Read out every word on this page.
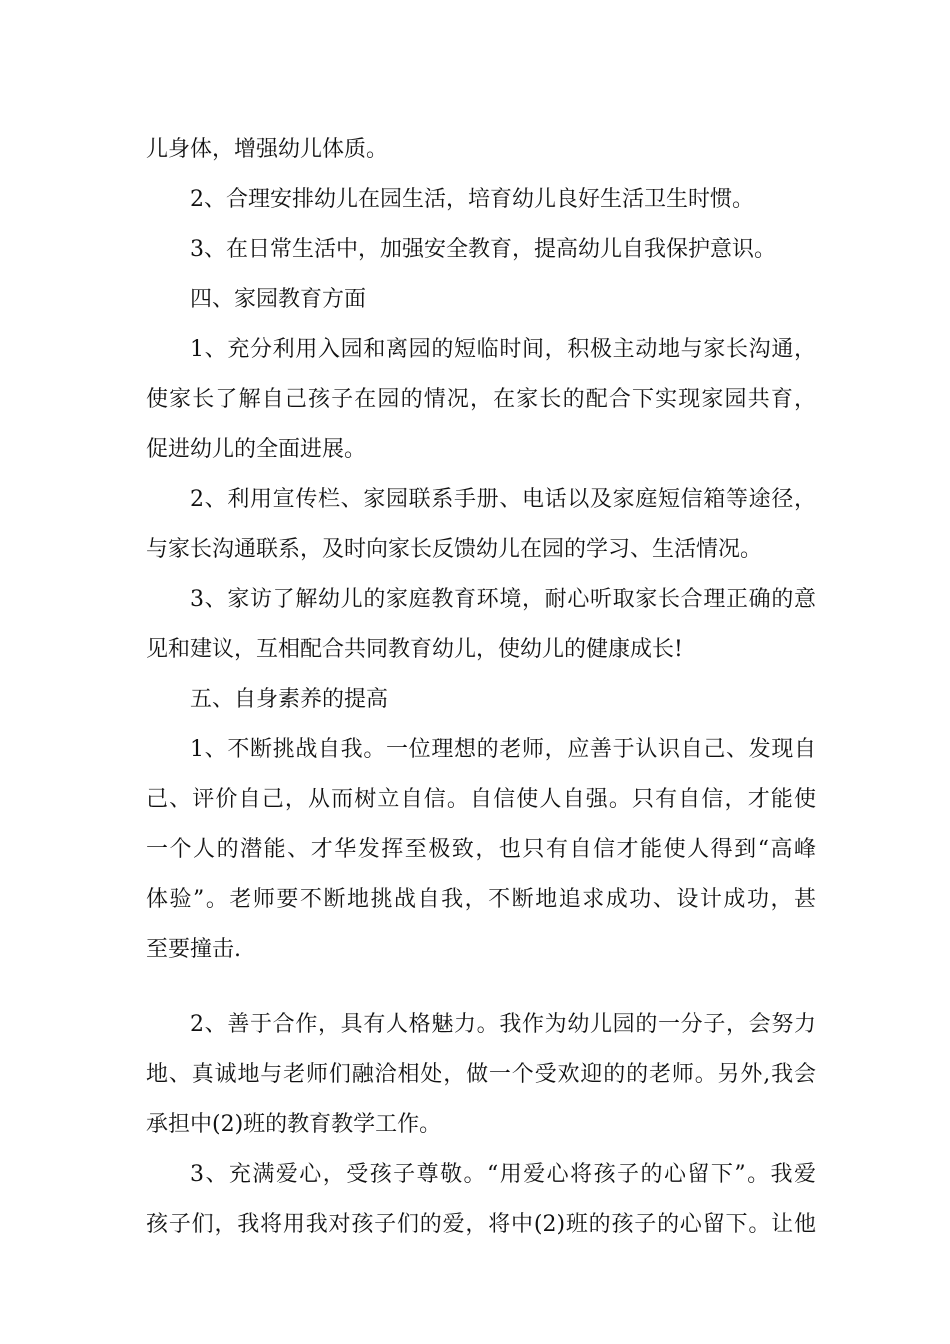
儿身体，增强幼儿体质。
2、合理安排幼儿在园生活，培育幼儿良好生活卫生时惯。
3、在日常生活中，加强安全教育，提高幼儿自我保护意识。
四、家园教育方面
1、充分利用入园和离园的短临时间，积极主动地与家长沟通，
使家长了解自己孩子在园的情况，在家长的配合下实现家园共育，
促进幼儿的全面进展。
2、利用宣传栏、家园联系手册、电话以及家庭短信箱等途径，
与家长沟通联系，及时向家长反馈幼儿在园的学习、生活情况。
3、家访了解幼儿的家庭教育环境，耐心听取家长合理正确的意
见和建议，互相配合共同教育幼儿，使幼儿的健康成长!
五、自身素养的提高
1、不断挑战自我。一位理想的老师，应善于认识自己、发现自
己、评价自己，从而树立自信。自信使人自强。只有自信，才能使
一个人的潜能、才华发挥至极致，也只有自信才能使人得到“高峰
体验”。老师要不断地挑战自我，不断地追求成功、设计成功，甚
至要撞击.
2、善于合作，具有人格魅力。我作为幼儿园的一分子，会努力
地、真诚地与老师们融洽相处，做一个受欢迎的的老师。另外,我会
承担中(2)班的教育教学工作。
3、充满爱心，受孩子尊敬。“用爱心将孩子的心留下”。我爱
孩子们，我将用我对孩子们的爱，将中(2)班的孩子的心留下。让他
